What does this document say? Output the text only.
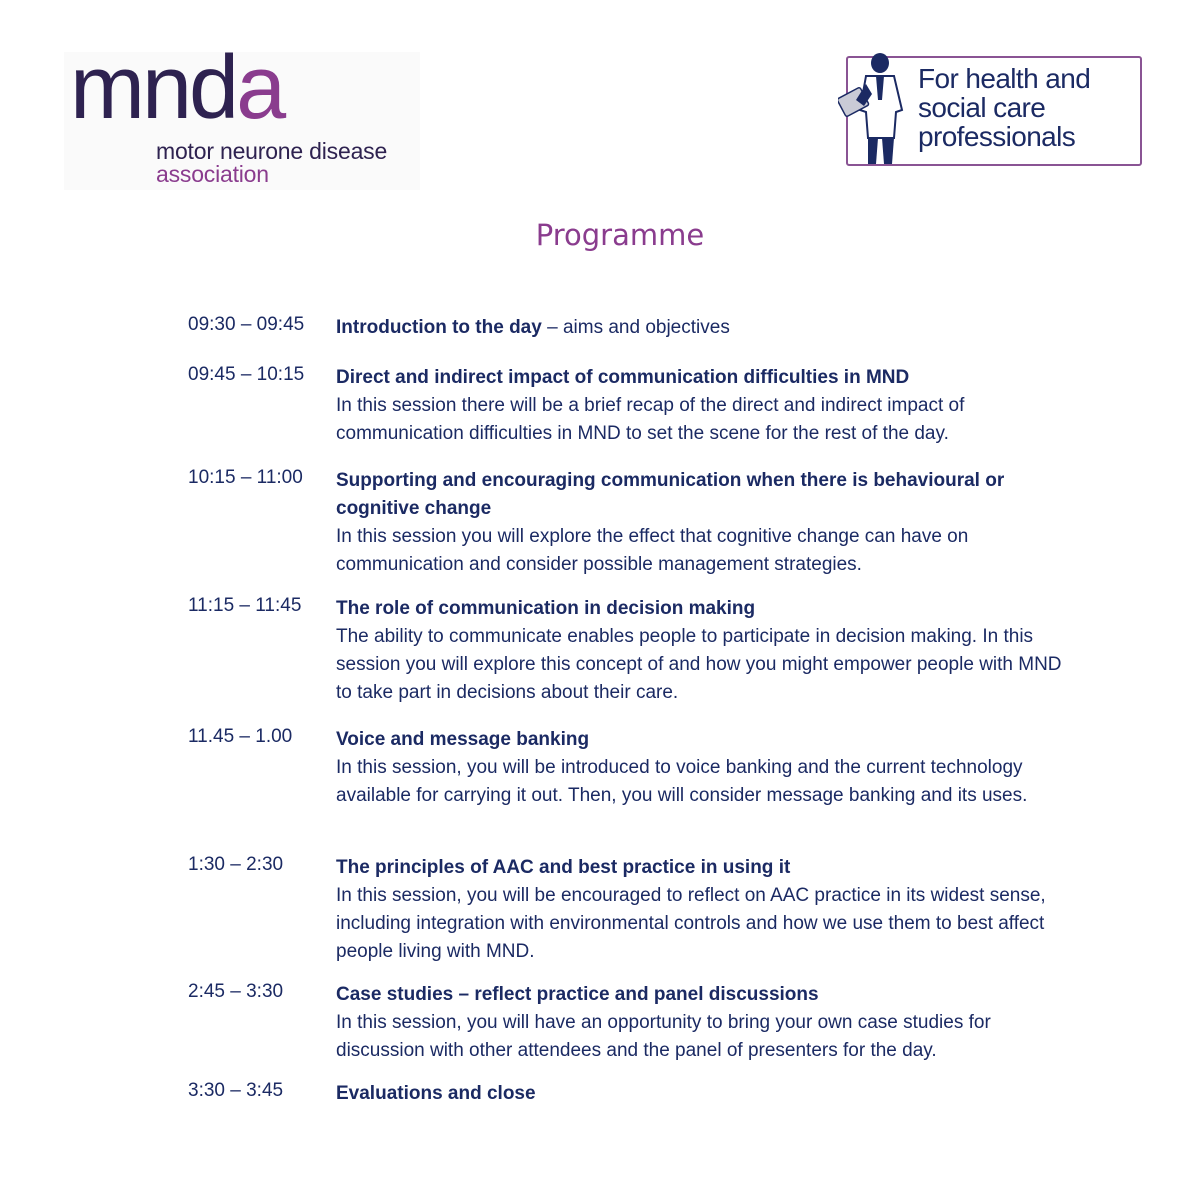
mnda
motor neurone disease
association
For health and
social care
professionals
Programme
09:30 – 09:45	Introduction to the day – aims and objectives
09:45 – 10:15	Direct and indirect impact of communication difficulties in MND
In this session there will be a brief recap of the direct and indirect impact of communication difficulties in MND to set the scene for the rest of the day.
10:15 – 11:00	Supporting and encouraging communication when there is behavioural or cognitive change
In this session you will explore the effect that cognitive change can have on communication and consider possible management strategies.
11:15 – 11:45	The role of communication in decision making
The ability to communicate enables people to participate in decision making. In this session you will explore this concept of and how you might empower people with MND to take part in decisions about their care.
11.45 – 1.00	Voice and message banking
In this session, you will be introduced to voice banking and the current technology available for carrying it out. Then, you will consider message banking and its uses.
1:30 – 2:30	The principles of AAC and best practice in using it
In this session, you will be encouraged to reflect on AAC practice in its widest sense, including integration with environmental controls and how we use them to best affect people living with MND.
2:45 – 3:30	Case studies – reflect practice and panel discussions
In this session, you will have an opportunity to bring your own case studies for discussion with other attendees and the panel of presenters for the day.
3:30 – 3:45	Evaluations and close
